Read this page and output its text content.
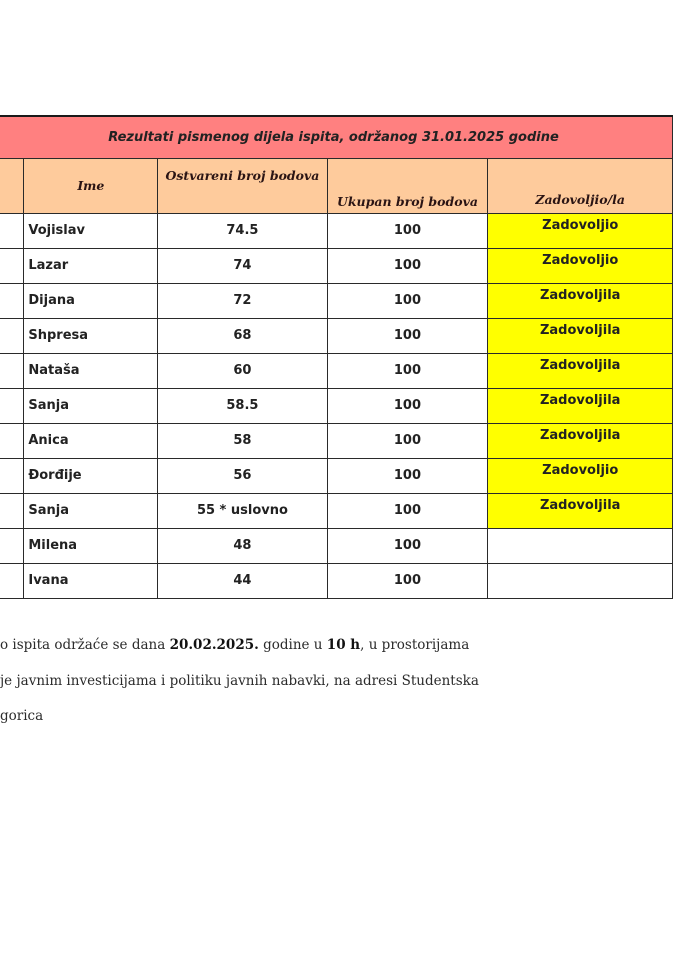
Rezultati pismenog dijela ispita, održanog 31.01.2025 godine				
	Ime	Ostvareni broj bodova	Ukupan broj bodova	Zadovoljio/la
	Vojislav	74.5	100	Zadovoljio
	Lazar	74	100	Zadovoljio
	Dijana	72	100	Zadovoljila
	Shpresa	68	100	Zadovoljila
	Nataša	60	100	Zadovoljila
	Sanja	58.5	100	Zadovoljila
	Anica	58	100	Zadovoljila
	Đorđije	56	100	Zadovoljio
	Sanja	55 * uslovno	100	Zadovoljila
	Milena	48	100	
	Ivana	44	100	
o ispita održaće se dana 20.02.2025. godine u 10 h, u prostorijama
je javnim investicijama i politiku javnih nabavki, na adresi Studentska
gorica
